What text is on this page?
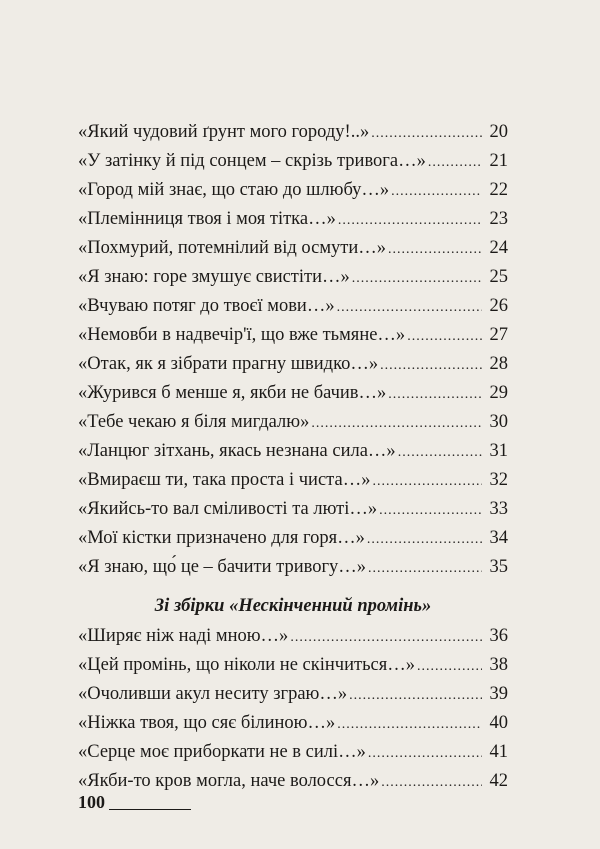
«Який чудовий ґрунт мого городу!..» .....	20
«У затінку й під сонцем – скрізь тривога…» .....	21
«Город мій знає, що стаю до шлюбу…» .....	22
«Племінниця твоя і моя тітка…» .....	23
«Похмурий, потемнілий від осмути…» .....	24
«Я знаю: горе змушує свистіти…» .....	25
«Вчуваю потяг до твоєї мови…» .....	26
«Немовби в надвечір'ї, що вже тьмяне…» .....	27
«Отак, як я зібрати прагну швидко…» .....	28
«Журився б менше я, якби не бачив…» .....	29
«Тебе чекаю я біля мигдалю» .....	30
«Ланцюг зітхань, якась незнана сила…» .....	31
«Вмираєш ти, така проста і чиста…» .....	32
«Якийсь-то вал сміливості та люті…» .....	33
«Мої кістки призначено для горя…» .....	34
«Я знаю, що́ це – бачити тривогу…» .....	35
Зі збірки «Нескінченний промінь»
«Ширяє ніж наді мною…» .....	36
«Цей промінь, що ніколи не скінчиться…» .....	38
«Очоливши акул неситу зграю…» .....	39
«Ніжка твоя, що сяє білиною…» .....	40
«Серце моє приборкати не в силі…» .....	41
«Якби-то кров могла, наче волосся…» .....	42
100
